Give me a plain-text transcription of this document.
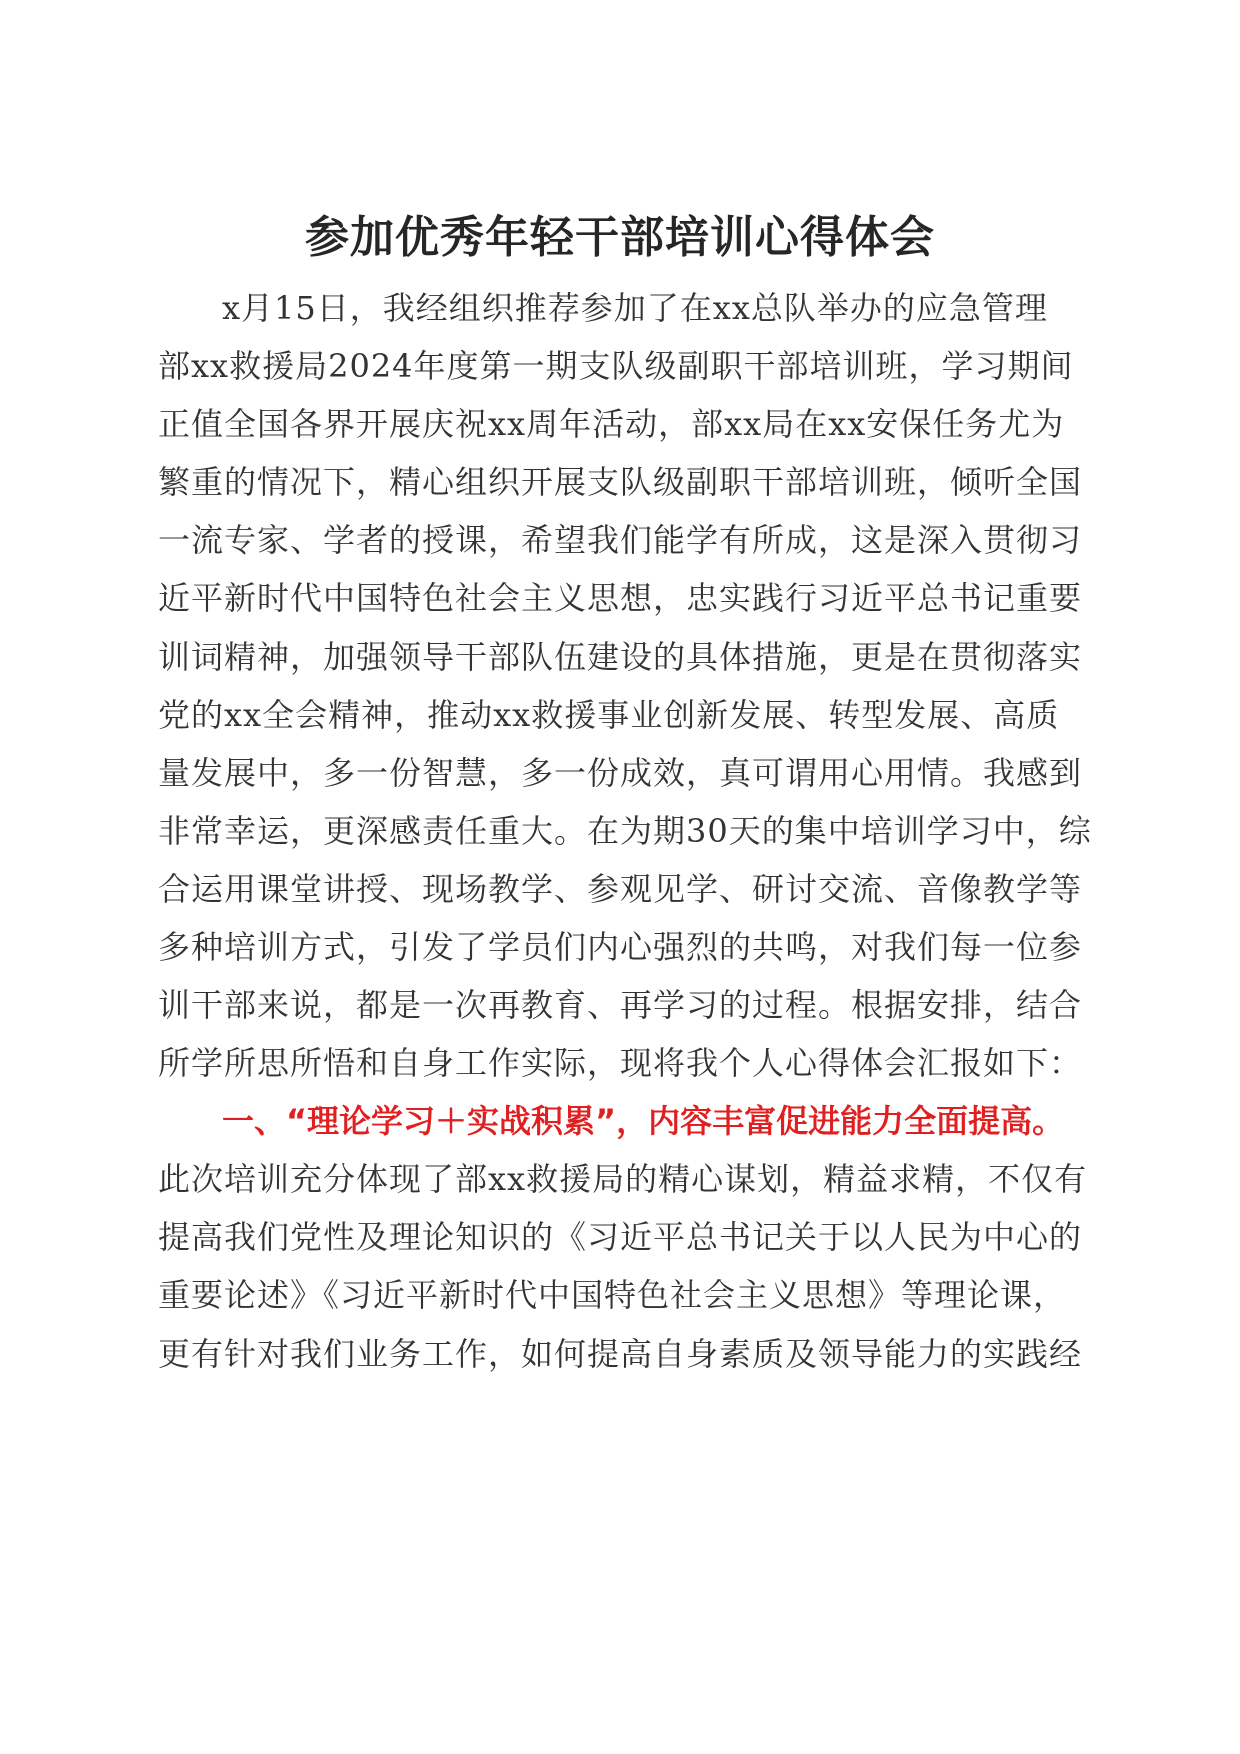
参加优秀年轻干部培训心得体会
x月15日，我经组织推荐参加了在xx总队举办的应急管理
部xx救援局2024年度第一期支队级副职干部培训班，学习期间
正值全国各界开展庆祝xx周年活动，部xx局在xx安保任务尤为
繁重的情况下，精心组织开展支队级副职干部培训班，倾听全国
一流专家、学者的授课，希望我们能学有所成，这是深入贯彻习
近平新时代中国特色社会主义思想，忠实践行习近平总书记重要
训词精神，加强领导干部队伍建设的具体措施，更是在贯彻落实
党的xx全会精神，推动xx救援事业创新发展、转型发展、高质
量发展中，多一份智慧，多一份成效，真可谓用心用情。我感到
非常幸运，更深感责任重大。在为期30天的集中培训学习中，综
合运用课堂讲授、现场教学、参观见学、研讨交流、音像教学等
多种培训方式，引发了学员们内心强烈的共鸣，对我们每一位参
训干部来说，都是一次再教育、再学习的过程。根据安排，结合
所学所思所悟和自身工作实际，现将我个人心得体会汇报如下：
一、“理论学习＋实战积累”，内容丰富促进能力全面提高。
此次培训充分体现了部xx救援局的精心谋划，精益求精，不仅有
提高我们党性及理论知识的《习近平总书记关于以人民为中心的
重要论述》《习近平新时代中国特色社会主义思想》等理论课，
更有针对我们业务工作，如何提高自身素质及领导能力的实践经
